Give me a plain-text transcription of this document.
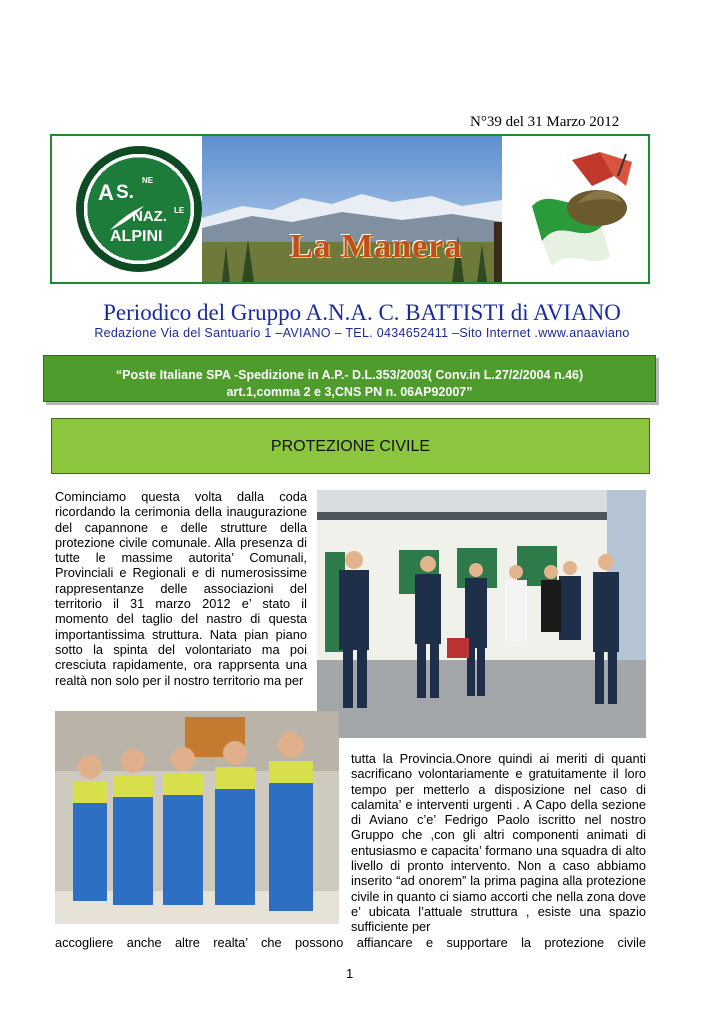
N°39 del 31 Marzo 2012
A S.
NE
NAZ. LE
ALPINI	La Manera
Periodico del Gruppo A.N.A. C. BATTISTI di AVIANO
Redazione Via del Santuario 1 –AVIANO – TEL. 0434652411 –Sito Internet .www.anaaviano
“Poste Italiane SPA -Spedizione in A.P.- D.L.353/2003( Conv.in L.27/2/2004 n.46)
art.1,comma 2 e 3,CNS PN n. 06AP92007”
PROTEZIONE CIVILE
Cominciamo questa volta dalla coda ricordando la cerimonia della inaugurazione del capannone e delle strutture della protezione civile comunale. Alla presenza di tutte le massime autorita’ Comunali, Provinciali e Regionali e di numerosissime rappresentanze delle associazioni del territorio il 31 marzo 2012 e’ stato il momento del taglio del nastro di questa importantissima struttura. Nata pian piano sotto la spinta del volontariato ma poi cresciuta rapidamente, ora rapprsenta una realtà non solo per il nostro territorio ma per
tutta la Provincia.Onore quindi ai meriti di quanti sacrificano volontariamente e gratuitamente il loro tempo per metterlo a disposizione nel caso di calamita’ e interventi urgenti . A Capo della sezione di Aviano c’e’ Fedrigo Paolo iscritto nel nostro Gruppo che ,con gli altri componenti animati di entusiasmo e capacita’ formano una squadra di alto livello di pronto intervento. Non a caso abbiamo inserito “ad onorem” la prima pagina alla protezione civile in quanto ci siamo accorti che nella zona dove e’ ubicata l’attuale struttura , esiste una spazio sufficiente per
accogliere anche altre realta’ che possono affiancare e supportare la protezione civile
1
